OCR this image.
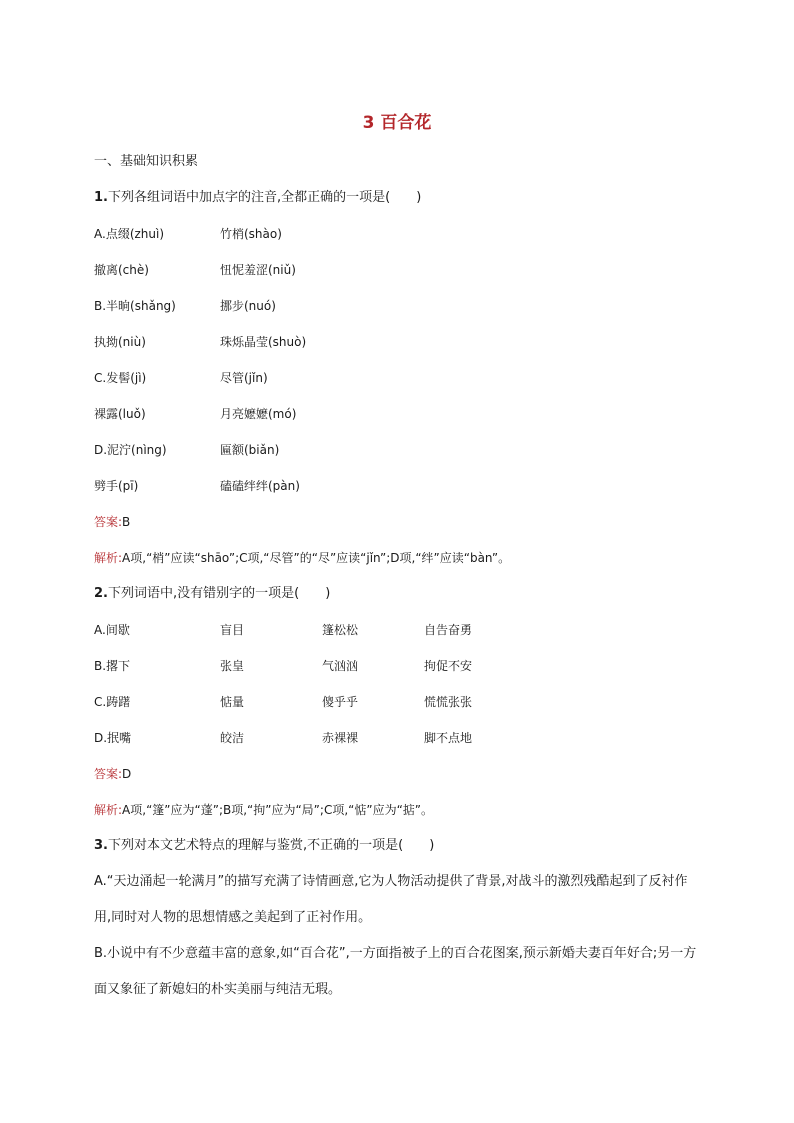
3 百合花
一、基础知识积累
1.下列各组词语中加点字的注音,全都正确的一项是(　　)
A.点缀(zhuì)	竹梢(shào)
撤离(chè)	忸怩羞涩(niǔ)
B.半晌(shǎng)	挪步(nuó)
执拗(niù)	珠烁晶莹(shuò)
C.发髻(jì)	尽管(jǐn)
裸露(luǒ)	月亮嬷嬷(mó)
D.泥泞(nìng)	匾额(biǎn)
劈手(pī)	磕磕绊绊(pàn)
答案:B
解析:A项,“梢”应读“shāo”;C项,“尽管”的“尽”应读“jǐn”;D项,“绊”应读“bàn”。
2.下列词语中,没有错别字的一项是(　　)
A.间歇	盲目	篷松松	自告奋勇
B.撂下	张皇	气汹汹	拘促不安
C.踌躇	惦量	傻乎乎	慌慌张张
D.抿嘴	皎洁	赤裸裸	脚不点地
答案:D
解析:A项,“篷”应为“蓬”;B项,“拘”应为“局”;C项,“惦”应为“掂”。
3.下列对本文艺术特点的理解与鉴赏,不正确的一项是(　　)
A.“天边涌起一轮满月”的描写充满了诗情画意,它为人物活动提供了背景,对战斗的激烈残酷起到了反衬作用,同时对人物的思想情感之美起到了正衬作用。
B.小说中有不少意蕴丰富的意象,如“百合花”,一方面指被子上的百合花图案,预示新婚夫妻百年好合;另一方面又象征了新媳妇的朴实美丽与纯洁无瑕。
